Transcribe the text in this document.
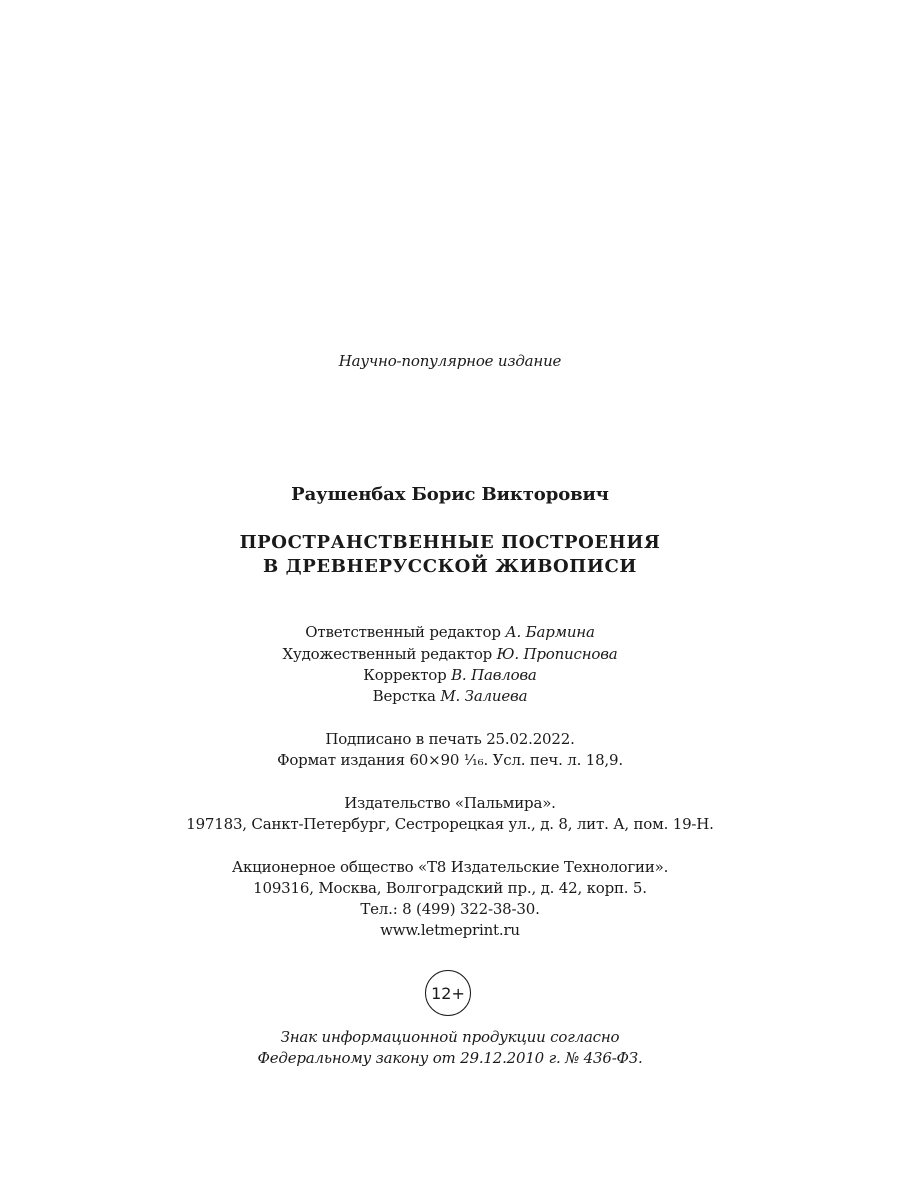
Научно-популярное издание
Раушенбах Борис Викторович
ПРОСТРАНСТВЕННЫЕ ПОСТРОЕНИЯ
В ДРЕВНЕРУССКОЙ ЖИВОПИСИ
Ответственный редактор А. Бармина
Художественный редактор Ю. Прописнова
Корректор В. Павлова
Верстка М. Залиева
Подписано в печать 25.02.2022.
Формат издания 60×90 ¹⁄₁₆. Усл. печ. л. 18,9.
Издательство «Пальмира».
197183, Санкт-Петербург, Сестрорецкая ул., д. 8, лит. А, пом. 19-Н.
Акционерное общество «Т8 Издательские Технологии».
109316, Москва, Волгоградский пр., д. 42, корп. 5.
Тел.: 8 (499) 322-38-30.
www.letmeprint.ru
12+
Знак информационной продукции согласно
Федеральному закону от 29.12.2010 г. № 436-ФЗ.
